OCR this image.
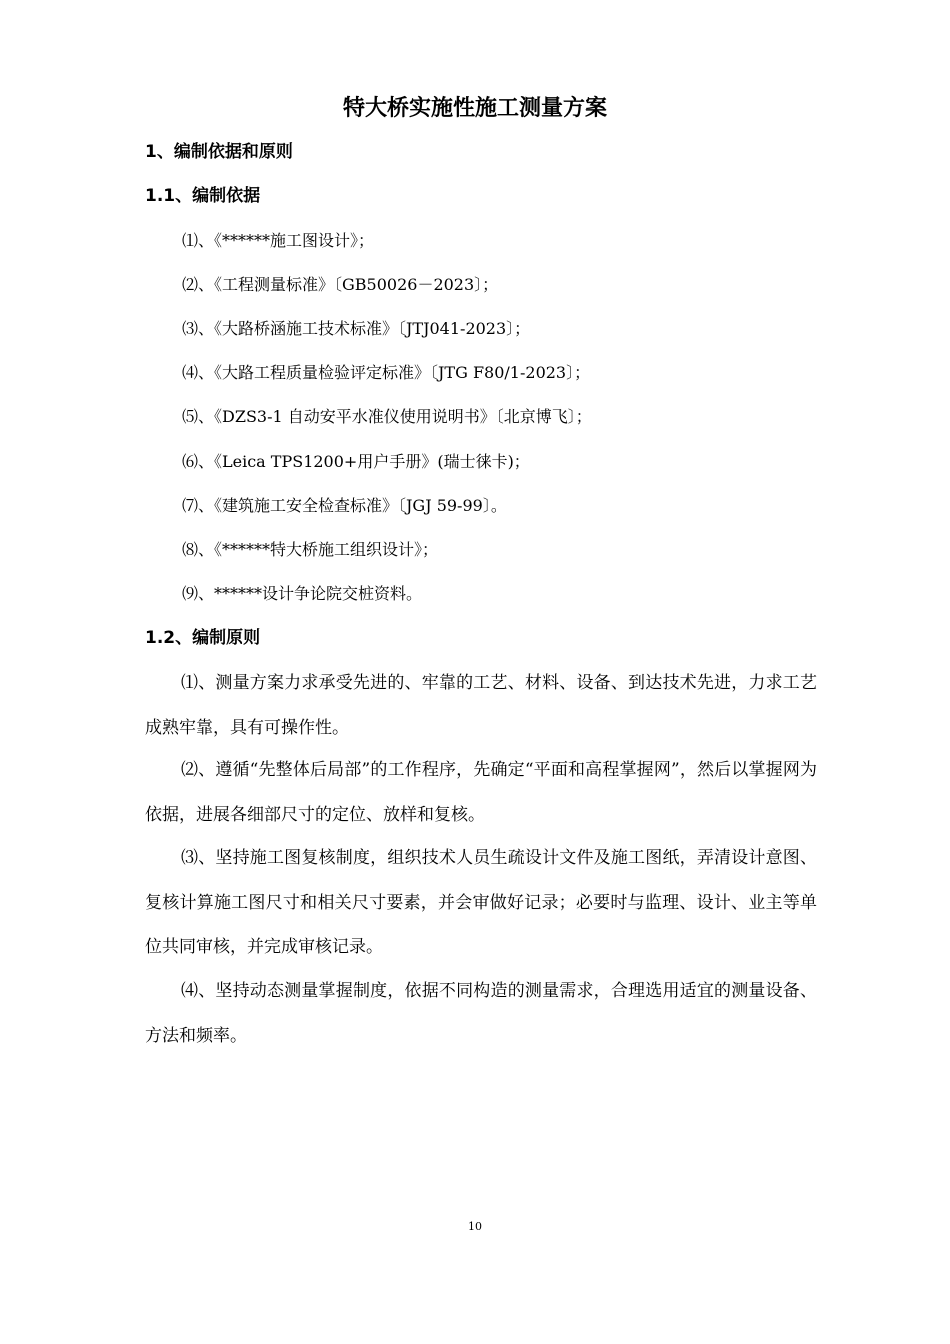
特大桥实施性施工测量方案
1、编制依据和原则
1.1、编制依据
⑴、《******施工图设计》；
⑵、《工程测量标准》〔GB50026－2023〕；
⑶、《大路桥涵施工技术标准》〔JTJ041-2023〕；
⑷、《大路工程质量检验评定标准》〔JTG F80/1-2023〕；
⑸、《DZS3-1 自动安平水准仪使用说明书》〔北京博飞〕；
⑹、《Leica TPS1200+用户手册》(瑞士徕卡)；
⑺、《建筑施工安全检查标准》〔JGJ 59-99〕。
⑻、《******特大桥施工组织设计》；
⑼、******设计争论院交桩资料。
1.2、编制原则
⑴、测量方案力求承受先进的、牢靠的工艺、材料、设备、到达技术先进，力求工艺成熟牢靠，具有可操作性。
⑵、遵循“先整体后局部”的工作程序，先确定“平面和高程掌握网”，然后以掌握网为依据，进展各细部尺寸的定位、放样和复核。
⑶、坚持施工图复核制度，组织技术人员生疏设计文件及施工图纸，弄清设计意图、复核计算施工图尺寸和相关尺寸要素，并会审做好记录；必要时与监理、设计、业主等单位共同审核，并完成审核记录。
⑷、坚持动态测量掌握制度，依据不同构造的测量需求，合理选用适宜的测量设备、方法和频率。
10
